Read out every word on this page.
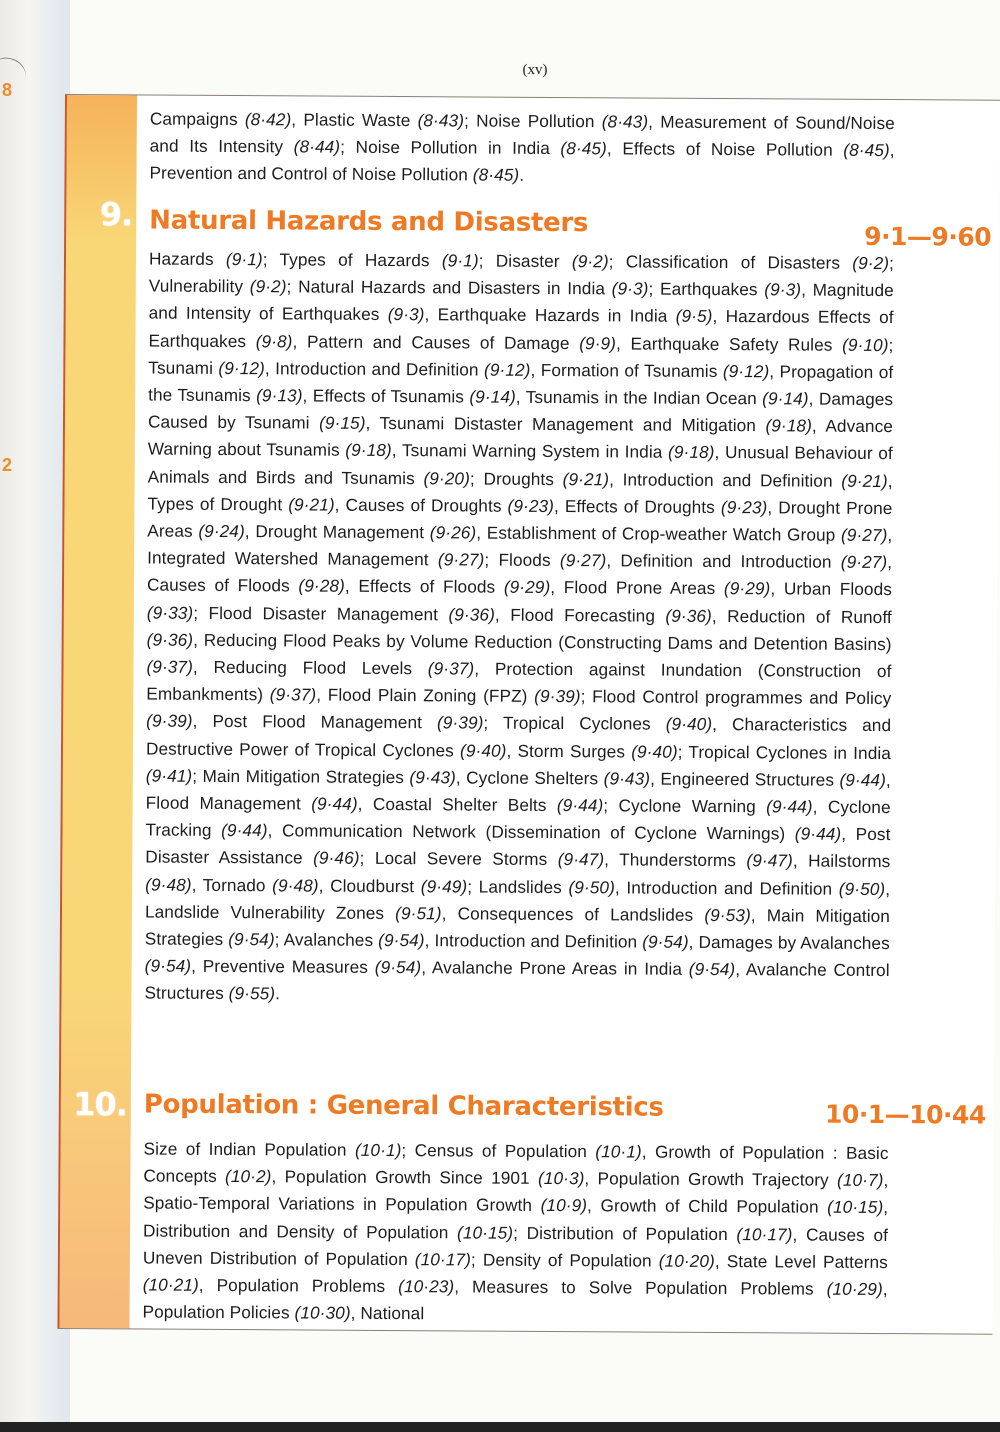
8
2
(xv)
Campaigns (8·42), Plastic Waste (8·43); Noise Pollution (8·43), Measurement of Sound/Noise and Its Intensity (8·44); Noise Pollution in India (8·45), Effects of Noise Pollution (8·45), Prevention and Control of Noise Pollution (8·45).
9. Natural Hazards and Disasters	9·1—9·60
Hazards (9·1); Types of Hazards (9·1); Disaster (9·2); Classification of Disasters (9·2); Vulnerability (9·2); Natural Hazards and Disasters in India (9·3); Earthquakes (9·3), Magnitude and Intensity of Earthquakes (9·3), Earthquake Hazards in India (9·5), Hazardous Effects of Earthquakes (9·8), Pattern and Causes of Damage (9·9), Earthquake Safety Rules (9·10); Tsunami (9·12), Introduction and Definition (9·12), Formation of Tsunamis (9·12), Propagation of the Tsunamis (9·13), Effects of Tsunamis (9·14), Tsunamis in the Indian Ocean (9·14), Damages Caused by Tsunami (9·15), Tsunami Distaster Management and Mitigation (9·18), Advance Warning about Tsunamis (9·18), Tsunami Warning System in India (9·18), Unusual Behaviour of Animals and Birds and Tsunamis (9·20); Droughts (9·21), Introduction and Definition (9·21), Types of Drought (9·21), Causes of Droughts (9·23), Effects of Droughts (9·23), Drought Prone Areas (9·24), Drought Management (9·26), Establishment of Crop-weather Watch Group (9·27), Integrated Watershed Management (9·27); Floods (9·27), Definition and Introduction (9·27), Causes of Floods (9·28), Effects of Floods (9·29), Flood Prone Areas (9·29), Urban Floods (9·33); Flood Disaster Management (9·36), Flood Forecasting (9·36), Reduction of Runoff (9·36), Reducing Flood Peaks by Volume Reduction (Constructing Dams and Detention Basins) (9·37), Reducing Flood Levels (9·37), Protection against Inundation (Construction of Embankments) (9·37), Flood Plain Zoning (FPZ) (9·39); Flood Control programmes and Policy (9·39), Post Flood Management (9·39); Tropical Cyclones (9·40), Characteristics and Destructive Power of Tropical Cyclones (9·40), Storm Surges (9·40); Tropical Cyclones in India (9·41); Main Mitigation Strategies (9·43), Cyclone Shelters (9·43), Engineered Structures (9·44), Flood Management (9·44), Coastal Shelter Belts (9·44); Cyclone Warning (9·44), Cyclone Tracking (9·44), Communication Network (Dissemination of Cyclone Warnings) (9·44), Post Disaster Assistance (9·46); Local Severe Storms (9·47), Thunderstorms (9·47), Hailstorms (9·48), Tornado (9·48), Cloudburst (9·49); Landslides (9·50), Introduction and Definition (9·50), Landslide Vulnerability Zones (9·51), Consequences of Landslides (9·53), Main Mitigation Strategies (9·54); Avalanches (9·54), Introduction and Definition (9·54), Damages by Avalanches (9·54), Preventive Measures (9·54), Avalanche Prone Areas in India (9·54), Avalanche Control Structures (9·55).
10. Population : General Characteristics	10·1—10·44
Size of Indian Population (10·1); Census of Population (10·1), Growth of Population : Basic Concepts (10·2), Population Growth Since 1901 (10·3), Population Growth Trajectory (10·7), Spatio-Temporal Variations in Population Growth (10·9), Growth of Child Population (10·15), Distribution and Density of Population (10·15); Distribution of Population (10·17), Causes of Uneven Distribution of Population (10·17); Density of Population (10·20), State Level Patterns (10·21), Population Problems (10·23), Measures to Solve Population Problems (10·29), Population Policies (10·30), National
